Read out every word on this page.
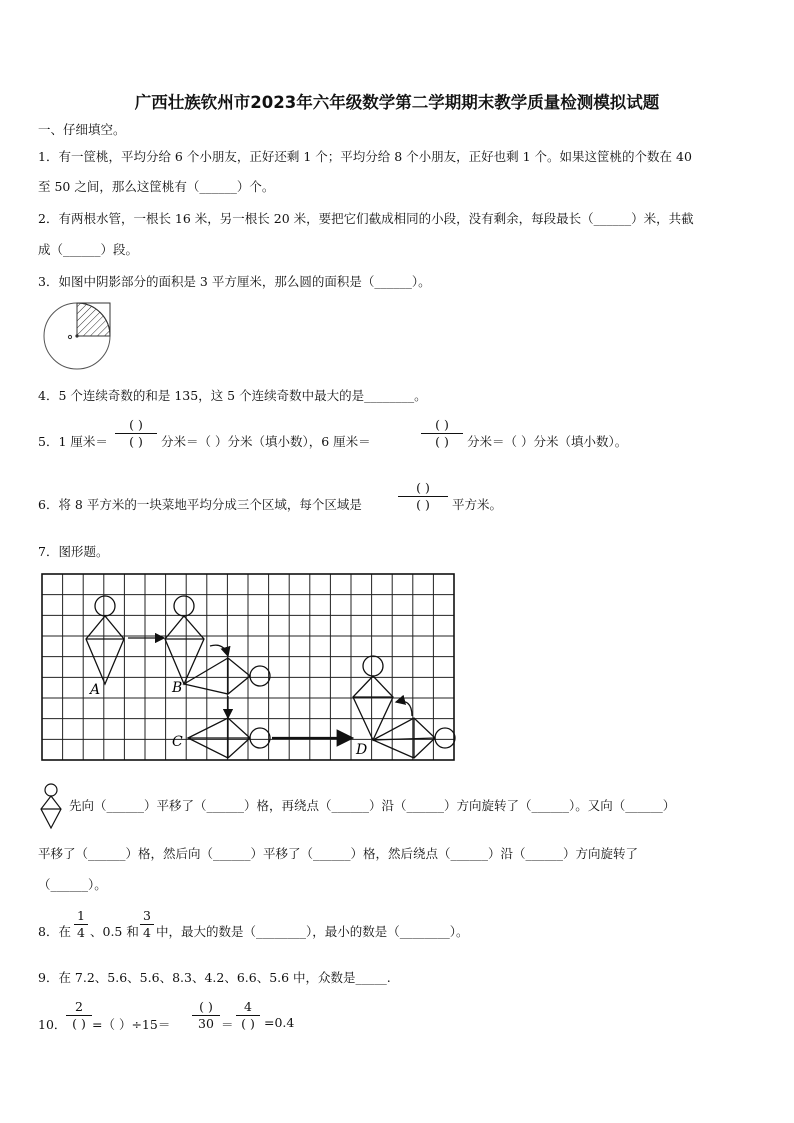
广西壮族钦州市2023年六年级数学第二学期期末教学质量检测模拟试题
一、仔细填空。
1．有一筐桃，平均分给 6 个小朋友，正好还剩 1 个；平均分给 8 个小朋友，正好也剩 1 个。如果这筐桃的个数在 40
至 50 之间，那么这筐桃有（______）个。
2．有两根水管，一根长 16 米，另一根长 20 米，要把它们截成相同的小段，没有剩余，每段最长（______）米，共截
成（______）段。
3．如图中阴影部分的面积是 3 平方厘米，那么圆的面积是（______）。
4．5 个连续奇数的和是 135，这 5 个连续奇数中最大的是________。
5．1 厘米＝
( )
( )	分米＝（ ）分米（填小数），6 厘米＝
( )
( )	分米＝（ ）分米（填小数）。
6．将 8 平方米的一块菜地平均分成三个区域，每个区域是
( )
( )	平方米。
7．图形题。
A	B
C	D
先向（______）平移了（______）格，再绕点（______）沿（______）方向旋转了（______）。又向（______）
平移了（______）格，然后向（______）平移了（______）格，然后绕点（______）沿（______）方向旋转了
（______）。
8．在
1
4 、0.5 和
3
4 中，最大的数是（________），最小的数是（________）。
9．在 7.2、5.6、5.6、8.3、4.2、6.6、5.6 中，众数是_____.
10．
2
( ) =（ ）÷15＝
( )
30 ＝
4
( ) =0.4
